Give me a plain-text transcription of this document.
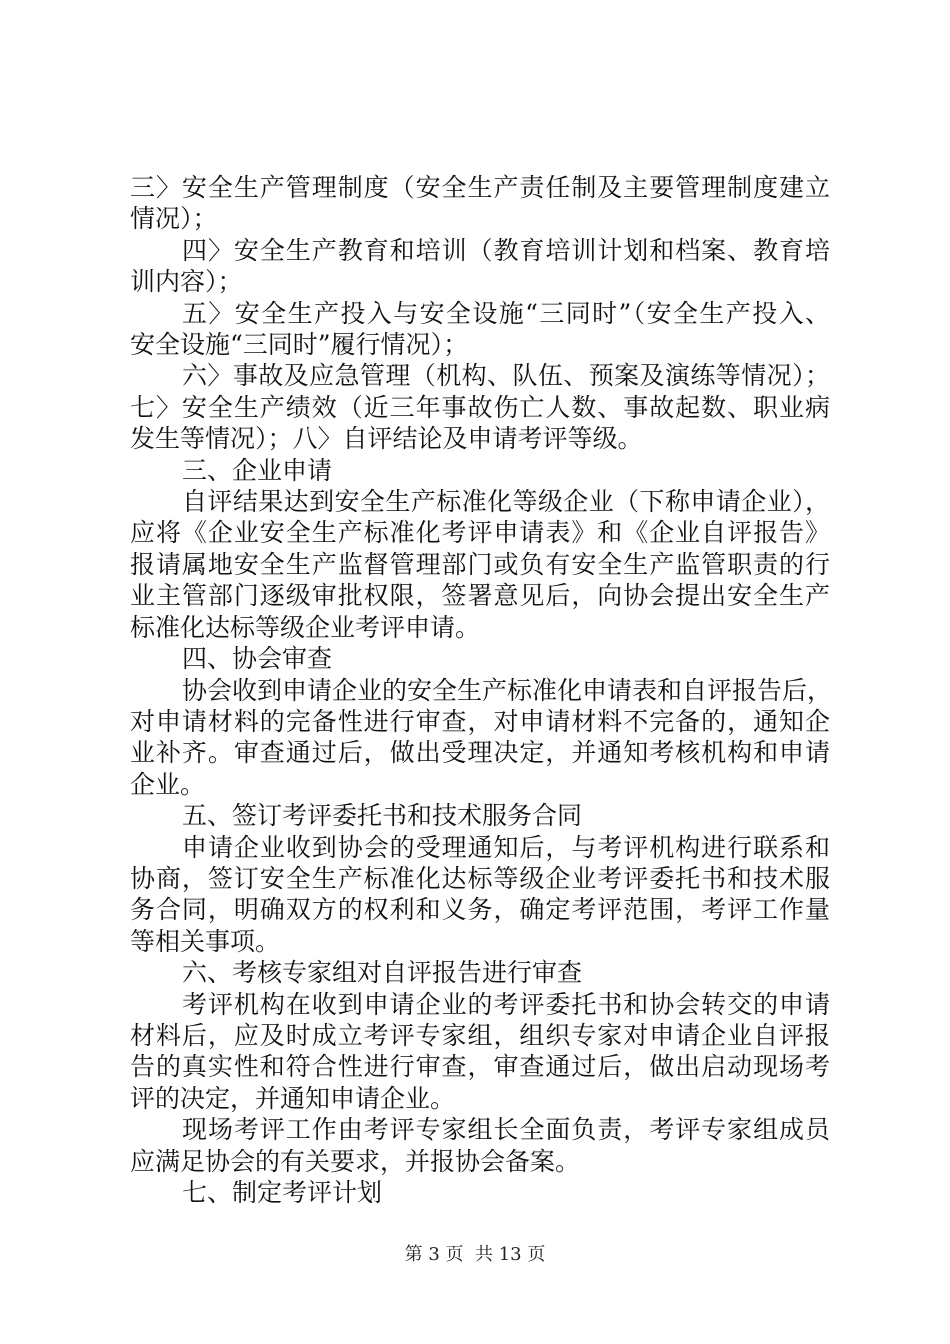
三〉安全生产管理制度（安全生产责任制及主要管理制度建立
情况）；
四〉安全生产教育和培训（教育培训计划和档案、教育培
训内容）；
五〉安全生产投入与安全设施“三同时”（安全生产投入、
安全设施“三同时”履行情况）；
六〉事故及应急管理（机构、队伍、预案及演练等情况）；
七〉安全生产绩效（近三年事故伤亡人数、事故起数、职业病
发生等情况）；八〉自评结论及申请考评等级。
三、企业申请
自评结果达到安全生产标准化等级企业（下称申请企业），
应将《企业安全生产标准化考评申请表》和《企业自评报告》
报请属地安全生产监督管理部门或负有安全生产监管职责的行
业主管部门逐级审批权限，签署意见后，向协会提出安全生产
标准化达标等级企业考评申请。
四、协会审查
协会收到申请企业的安全生产标准化申请表和自评报告后，
对申请材料的完备性进行审查，对申请材料不完备的，通知企
业补齐。审查通过后，做出受理决定，并通知考核机构和申请
企业。
五、签订考评委托书和技术服务合同
申请企业收到协会的受理通知后，与考评机构进行联系和
协商，签订安全生产标准化达标等级企业考评委托书和技术服
务合同，明确双方的权利和义务，确定考评范围，考评工作量
等相关事项。
六、考核专家组对自评报告进行审查
考评机构在收到申请企业的考评委托书和协会转交的申请
材料后，应及时成立考评专家组，组织专家对申请企业自评报
告的真实性和符合性进行审查，审查通过后，做出启动现场考
评的决定，并通知申请企业。
现场考评工作由考评专家组长全面负责，考评专家组成员
应满足协会的有关要求，并报协会备案。
七、制定考评计划
第 3 页  共 13 页
